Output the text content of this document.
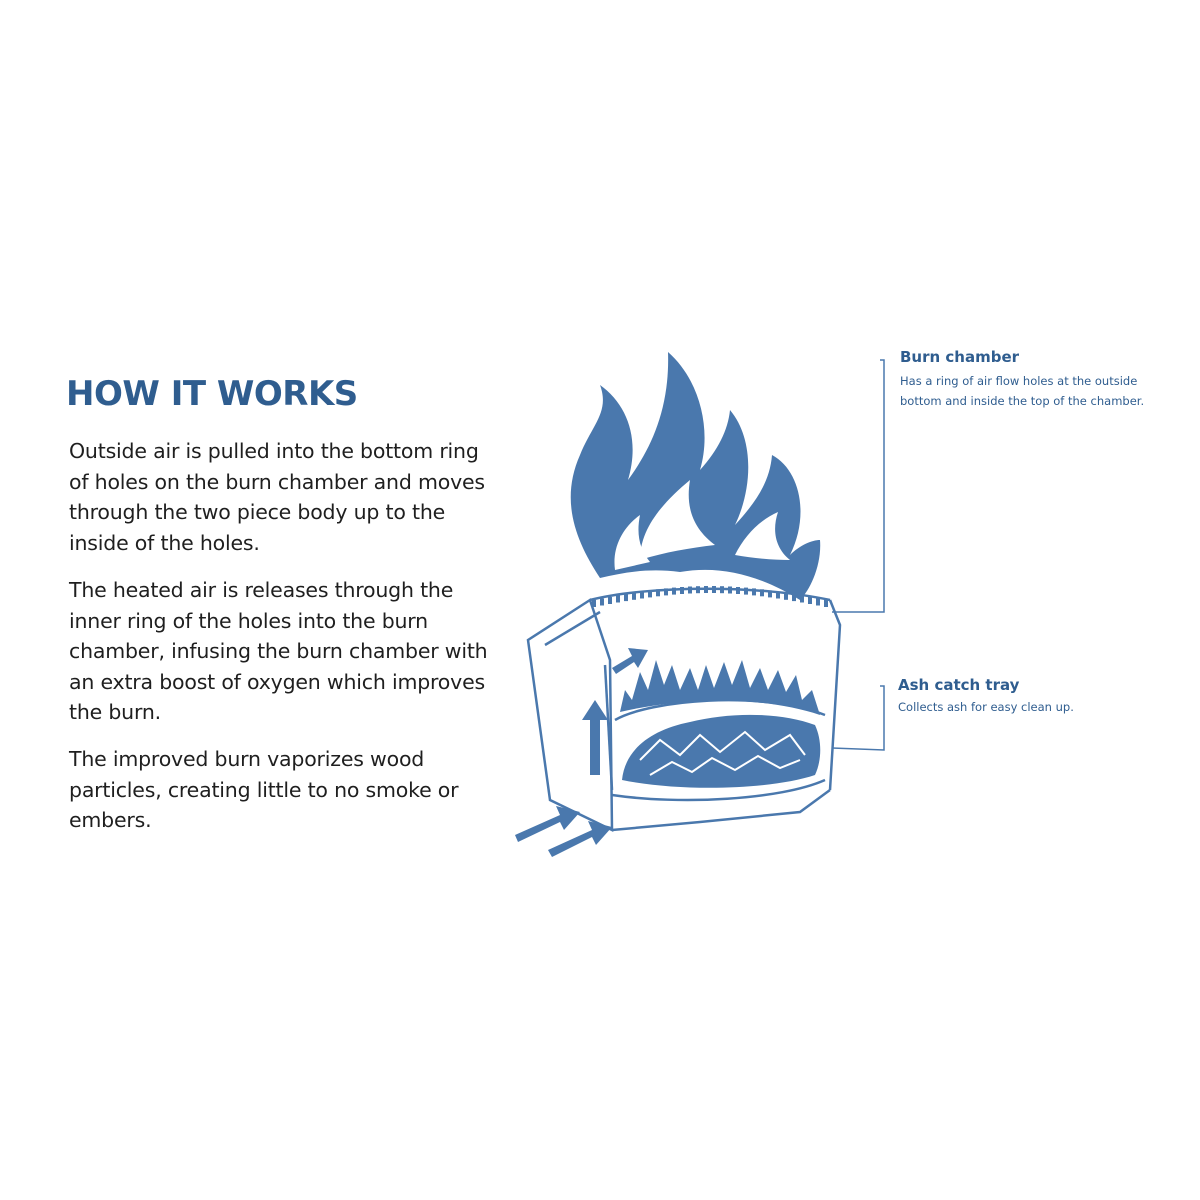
HOW IT WORKS

Outside air is pulled into the bottom ring of holes on the burn chamber and moves through the two piece body up to the inside of the holes.

The heated air is releases through the inner ring of the holes into the burn chamber, infusing the burn chamber with an extra boost of oxygen which improves the burn.

The improved burn vaporizes wood particles, creating little to no smoke or embers.

Burn chamber

Has a ring of air flow holes at the outside bottom and inside the top of the chamber.

Ash catch tray

Collects ash for easy clean up.
